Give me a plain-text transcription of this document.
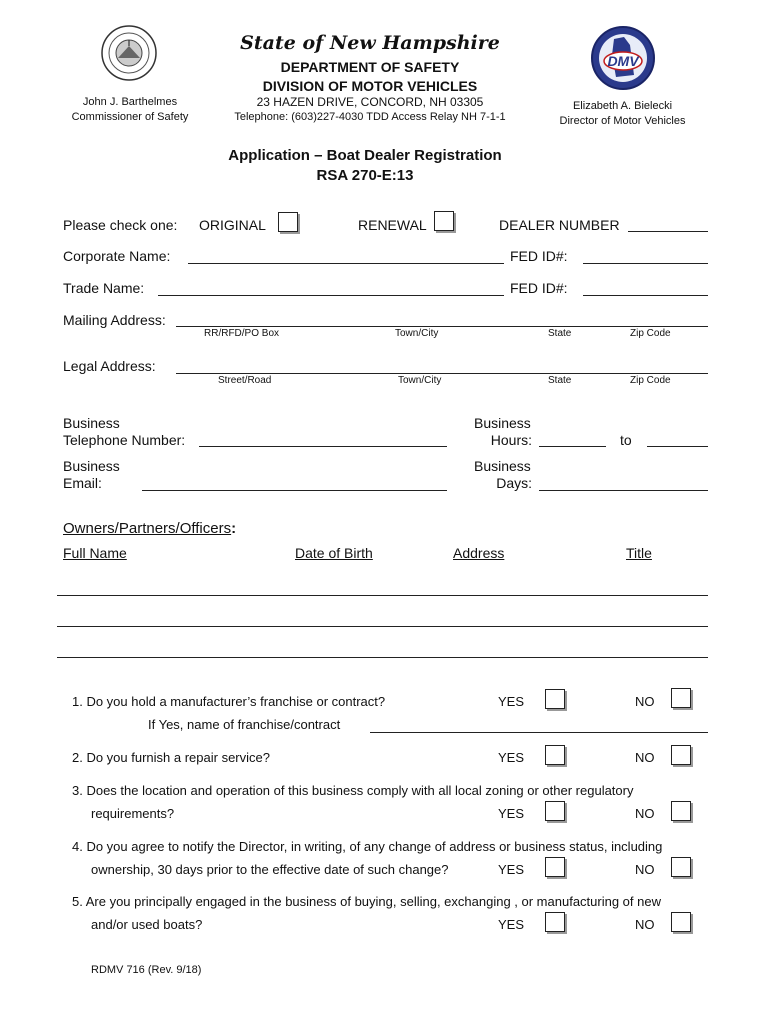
State of New Hampshire
DEPARTMENT OF SAFETY
DIVISION OF MOTOR VEHICLES
23 HAZEN DRIVE, CONCORD, NH 03305
Telephone: (603)227-4030 TDD Access Relay NH 7-1-1
John J. Barthelmes
Commissioner of Safety
DMV
Elizabeth A. Bielecki
Director of Motor Vehicles
Application – Boat Dealer Registration
RSA 270-E:13
Please check one: ORIGINAL	RENEWAL	DEALER NUMBER
Corporate Name:	FED ID#:
Trade Name:	FED ID#:
Mailing Address:
RR/RFD/PO Box	Town/City	State	Zip Code
Legal Address:
Street/Road	Town/City	State	Zip Code
Business
Telephone Number:
Business
Hours:	to
Business
Email:
Business
Days:
Owners/Partners/Officers:
Full Name	Date of Birth	Address	Title
1. Do you hold a manufacturer’s franchise or contract?	YES	NO
If Yes, name of franchise/contract
2. Do you furnish a repair service?	YES	NO
3. Does the location and operation of this business comply with all local zoning or other regulatory
requirements?	YES	NO
4. Do you agree to notify the Director, in writing, of any change of address or business status, including
ownership, 30 days prior to the effective date of such change?	YES	NO
5. Are you principally engaged in the business of buying, selling, exchanging , or manufacturing of new
and/or used boats?	YES	NO
RDMV 716 (Rev. 9/18)
